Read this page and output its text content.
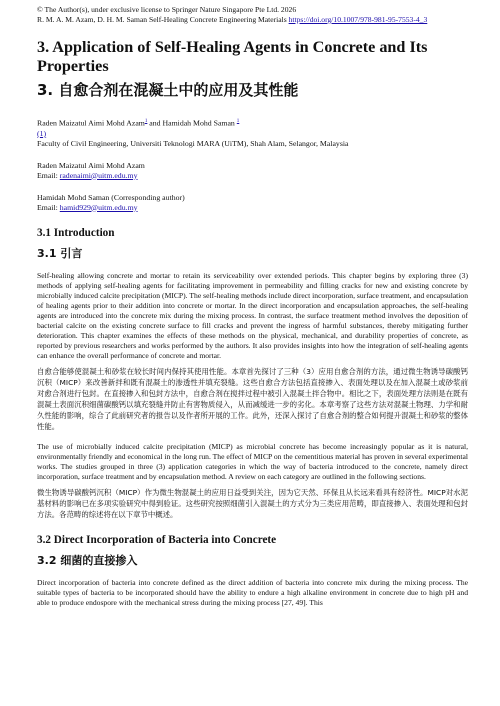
© The Author(s), under exclusive license to Springer Nature Singapore Pte Ltd. 2026
R. M. A. M. Azam, D. H. M. Saman Self-Healing Concrete Engineering Materials https://doi.org/10.1007/978-981-95-7553-4_3
3. Application of Self-Healing Agents in Concrete and Its Properties
3. 自愈合剂在混凝土中的应用及其性能
Raden Maizatul Aimi Mohd Azam$^1$ and Hamidah Mohd Saman $^1$
(1)
Faculty of Civil Engineering, Universiti Teknologi MARA (UiTM), Shah Alam, Selangor, Malaysia
Raden Maizatul Aimi Mohd Azam
Email: radenaimi@uitm.edu.my
Hamidah Mohd Saman (Corresponding author)
Email: hamid929@uitm.edu.my
3.1 Introduction
3.1 引言
Self-healing allowing concrete and mortar to retain its serviceability over extended periods. This chapter begins by exploring three (3) methods of applying self-healing agents for facilitating improvement in permeability and filling cracks for new and existing concrete by microbially induced calcite precipitation (MICP). The self-healing methods include direct incorporation, surface treatment, and encapsulation of healing agents prior to their addition into concrete or mortar. In the direct incorporation and encapsulation approaches, the self-healing agents are introduced into the concrete mix during the mixing process. In contrast, the surface treatment method involves the deposition of bacterial calcite on the existing concrete surface to fill cracks and prevent the ingress of harmful substances, thereby mitigating further deterioration. This chapter examines the effects of these methods on the physical, mechanical, and durability properties of concrete, as reported by previous researchers and works performed by the authors. It also provides insights into how the integration of self-healing agents can enhance the overall performance of concrete and mortar.
自愈合能够使混凝土和砂浆在较长时间内保持其使用性能。本章首先探讨了三种（3）应用自愈合剂的方法，通过微生物诱导碳酸钙沉积（MICP）来改善新拌和既有混凝土的渗透性并填充裂缝。这些自愈合方法包括直接掺入、表面处理以及在加入混凝土或砂浆前对愈合剂进行包封。在直接掺入和包封方法中，自愈合剂在搅拌过程中被引入混凝土拌合物中。相比之下，表面处理方法则是在既有混凝土表面沉积细菌碳酸钙以填充裂缝并防止有害物质侵入，从而减缓进一步的劣化。本章考察了这些方法对混凝土物理、力学和耐久性能的影响，综合了此前研究者的报告以及作者所开展的工作。此外，还深入探讨了自愈合剂的整合如何提升混凝土和砂浆的整体性能。
The use of microbially induced calcite precipitation (MICP) as microbial concrete has become increasingly popular as it is natural, environmentally friendly and economical in the long run. The effect of MICP on the cementitious material has proven in several experimental works. The studies grouped in three (3) application categories in which the way of bacteria introduced to the concrete, namely direct incorporation, surface treatment and by encapsulation method. A review on each category are outlined in the following sections.
微生物诱导碳酸钙沉积（MICP）作为微生物混凝土的应用日益受到关注，因为它天然、环保且从长远来看具有经济性。MICP对水泥基材料的影响已在多项实验研究中得到验证。这些研究按照细菌引入混凝土的方式分为三类应用范畴，即直接掺入、表面处理和包封方法。各范畴的综述将在以下章节中概述。
3.2 Direct Incorporation of Bacteria into Concrete
3.2 细菌的直接掺入
Direct incorporation of bacteria into concrete defined as the direct addition of bacteria into concrete mix during the mixing process. The suitable types of bacteria to be incorporated should have the ability to endure a high alkaline environment in concrete due to high pH and able to produce endospore with the mechanical stress during the mixing process [27, 49]. This
